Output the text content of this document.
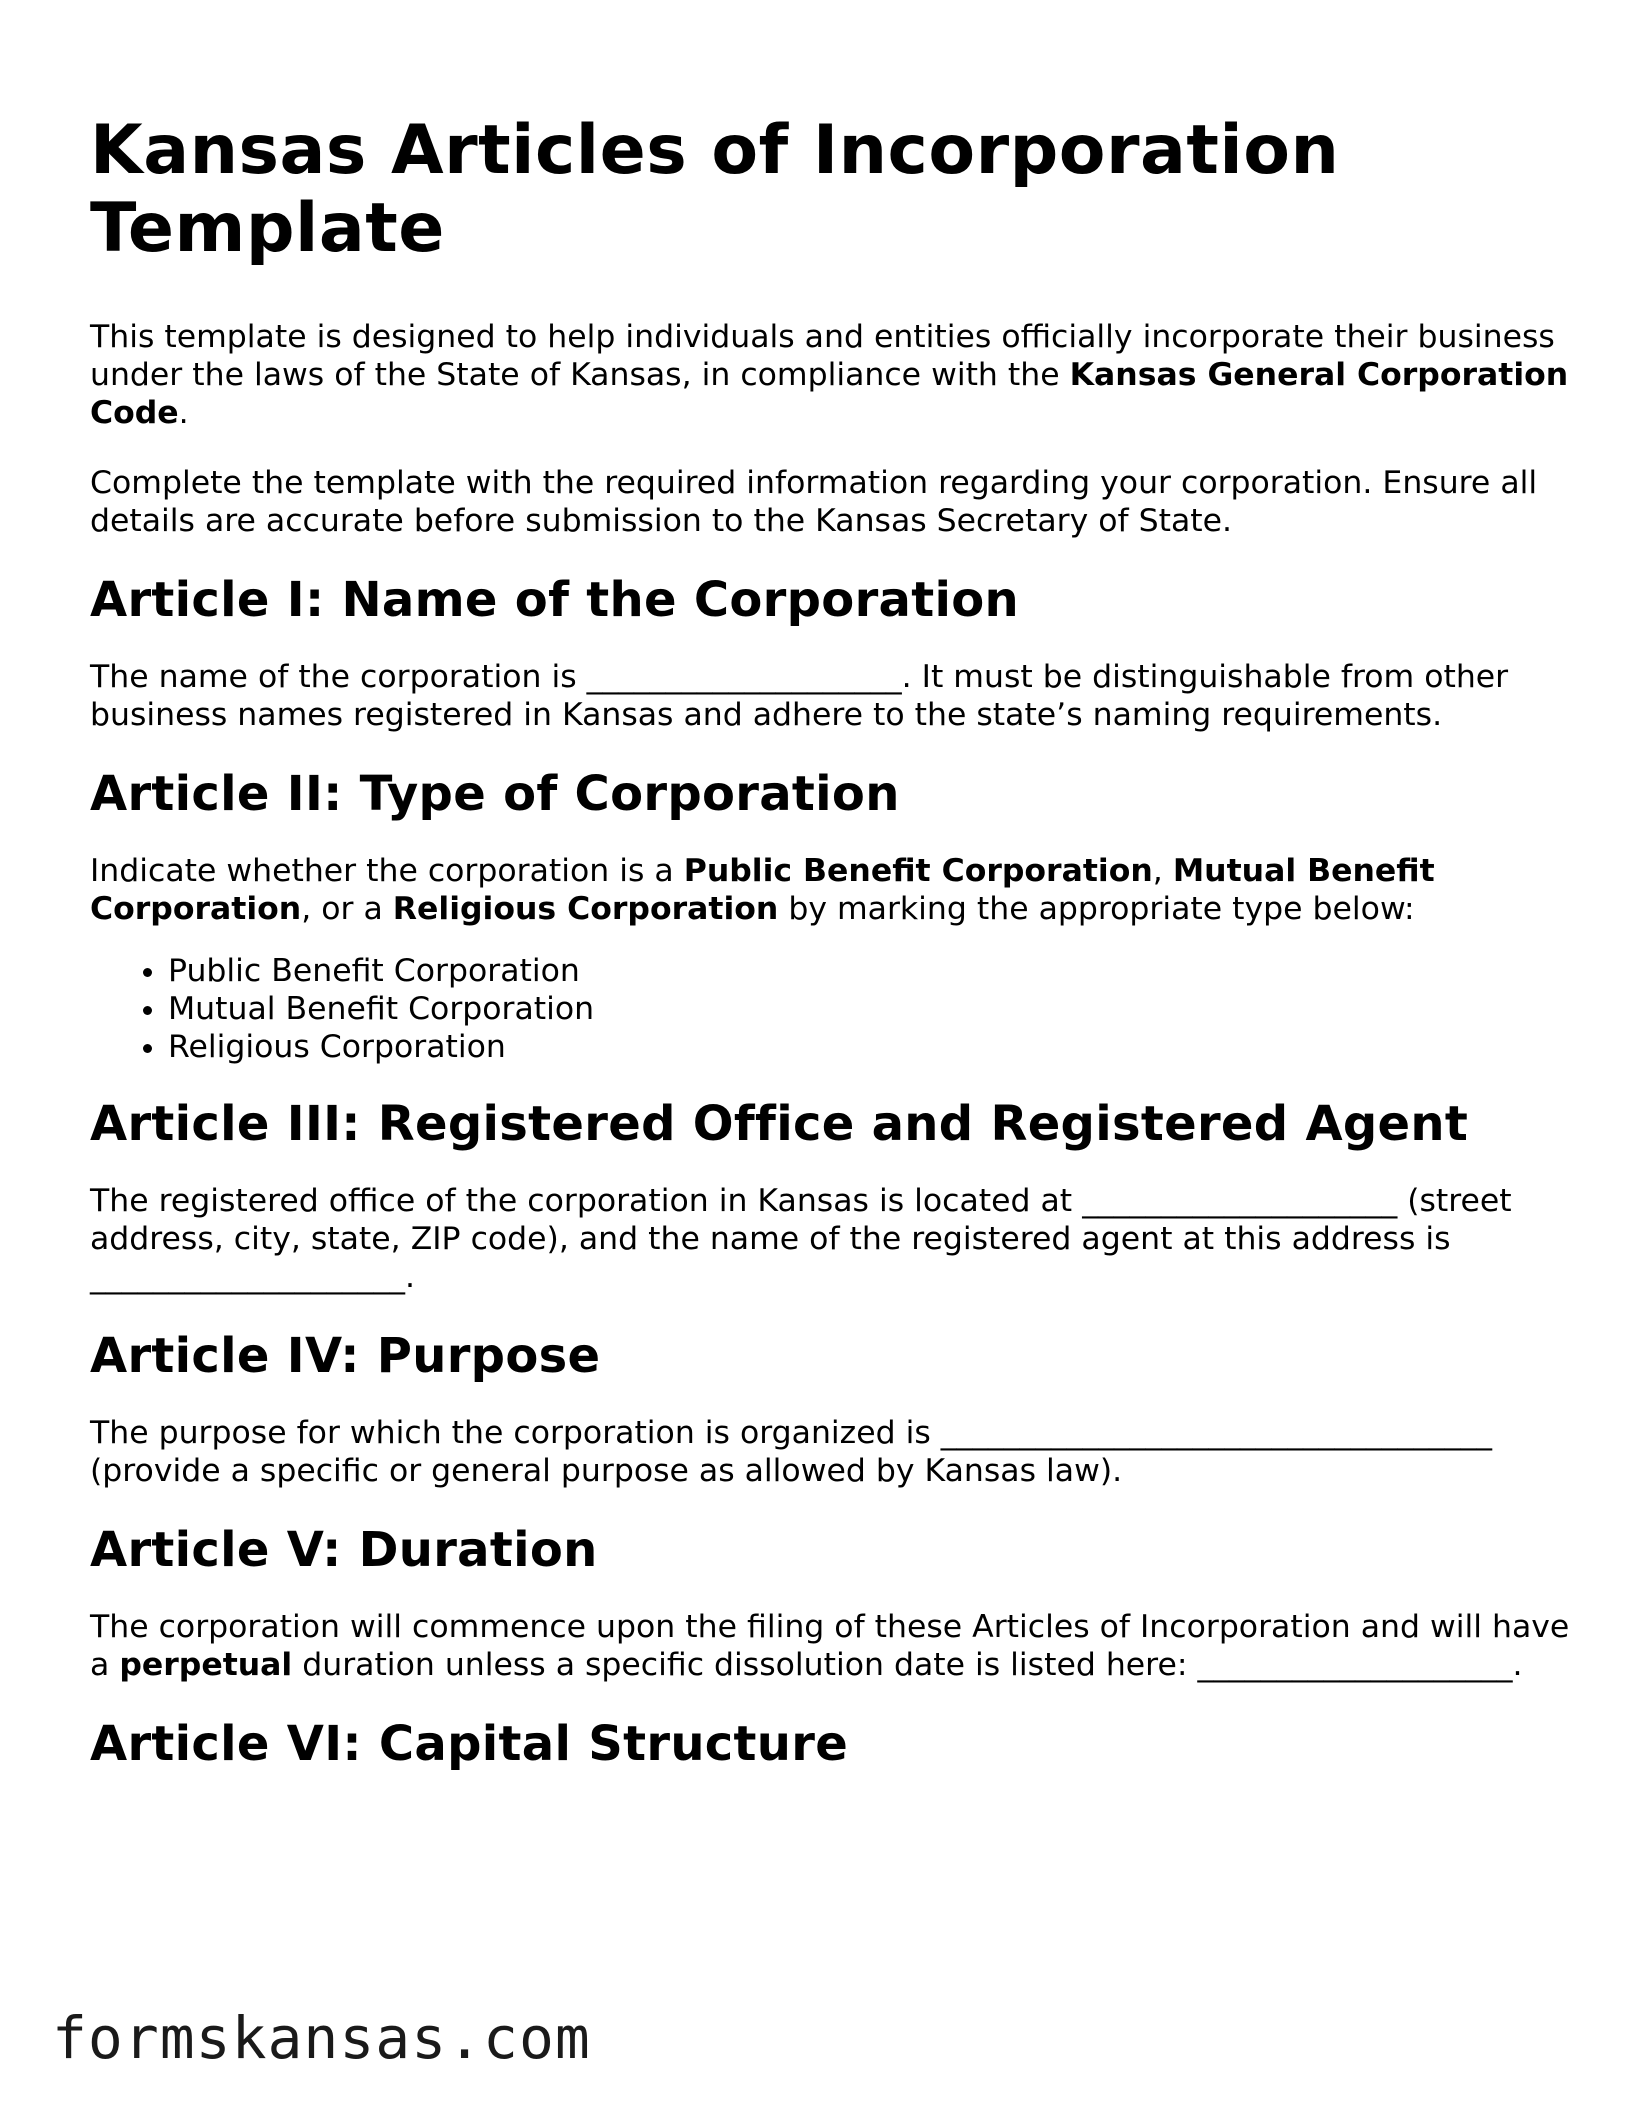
Kansas Articles of Incorporation Template

This template is designed to help individuals and entities officially incorporate their business under the laws of the State of Kansas, in compliance with the Kansas General Corporation Code.

Complete the template with the required information regarding your corporation. Ensure all details are accurate before submission to the Kansas Secretary of State.

Article I: Name of the Corporation

The name of the corporation is ____________________. It must be distinguishable from other business names registered in Kansas and adhere to the state’s naming requirements.

Article II: Type of Corporation

Indicate whether the corporation is a Public Benefit Corporation, Mutual Benefit Corporation, or a Religious Corporation by marking the appropriate type below:

• Public Benefit Corporation
• Mutual Benefit Corporation
• Religious Corporation
Article III: Registered Office and Registered Agent

The registered office of the corporation in Kansas is located at ____________________ (street address, city, state, ZIP code), and the name of the registered agent at this address is ____________________.

Article IV: Purpose

The purpose for which the corporation is organized is ___________________________________ (provide a specific or general purpose as allowed by Kansas law).

Article V: Duration

The corporation will commence upon the filing of these Articles of Incorporation and will have a perpetual duration unless a specific dissolution date is listed here: ____________________.

Article VI: Capital Structure
formskansas.com
